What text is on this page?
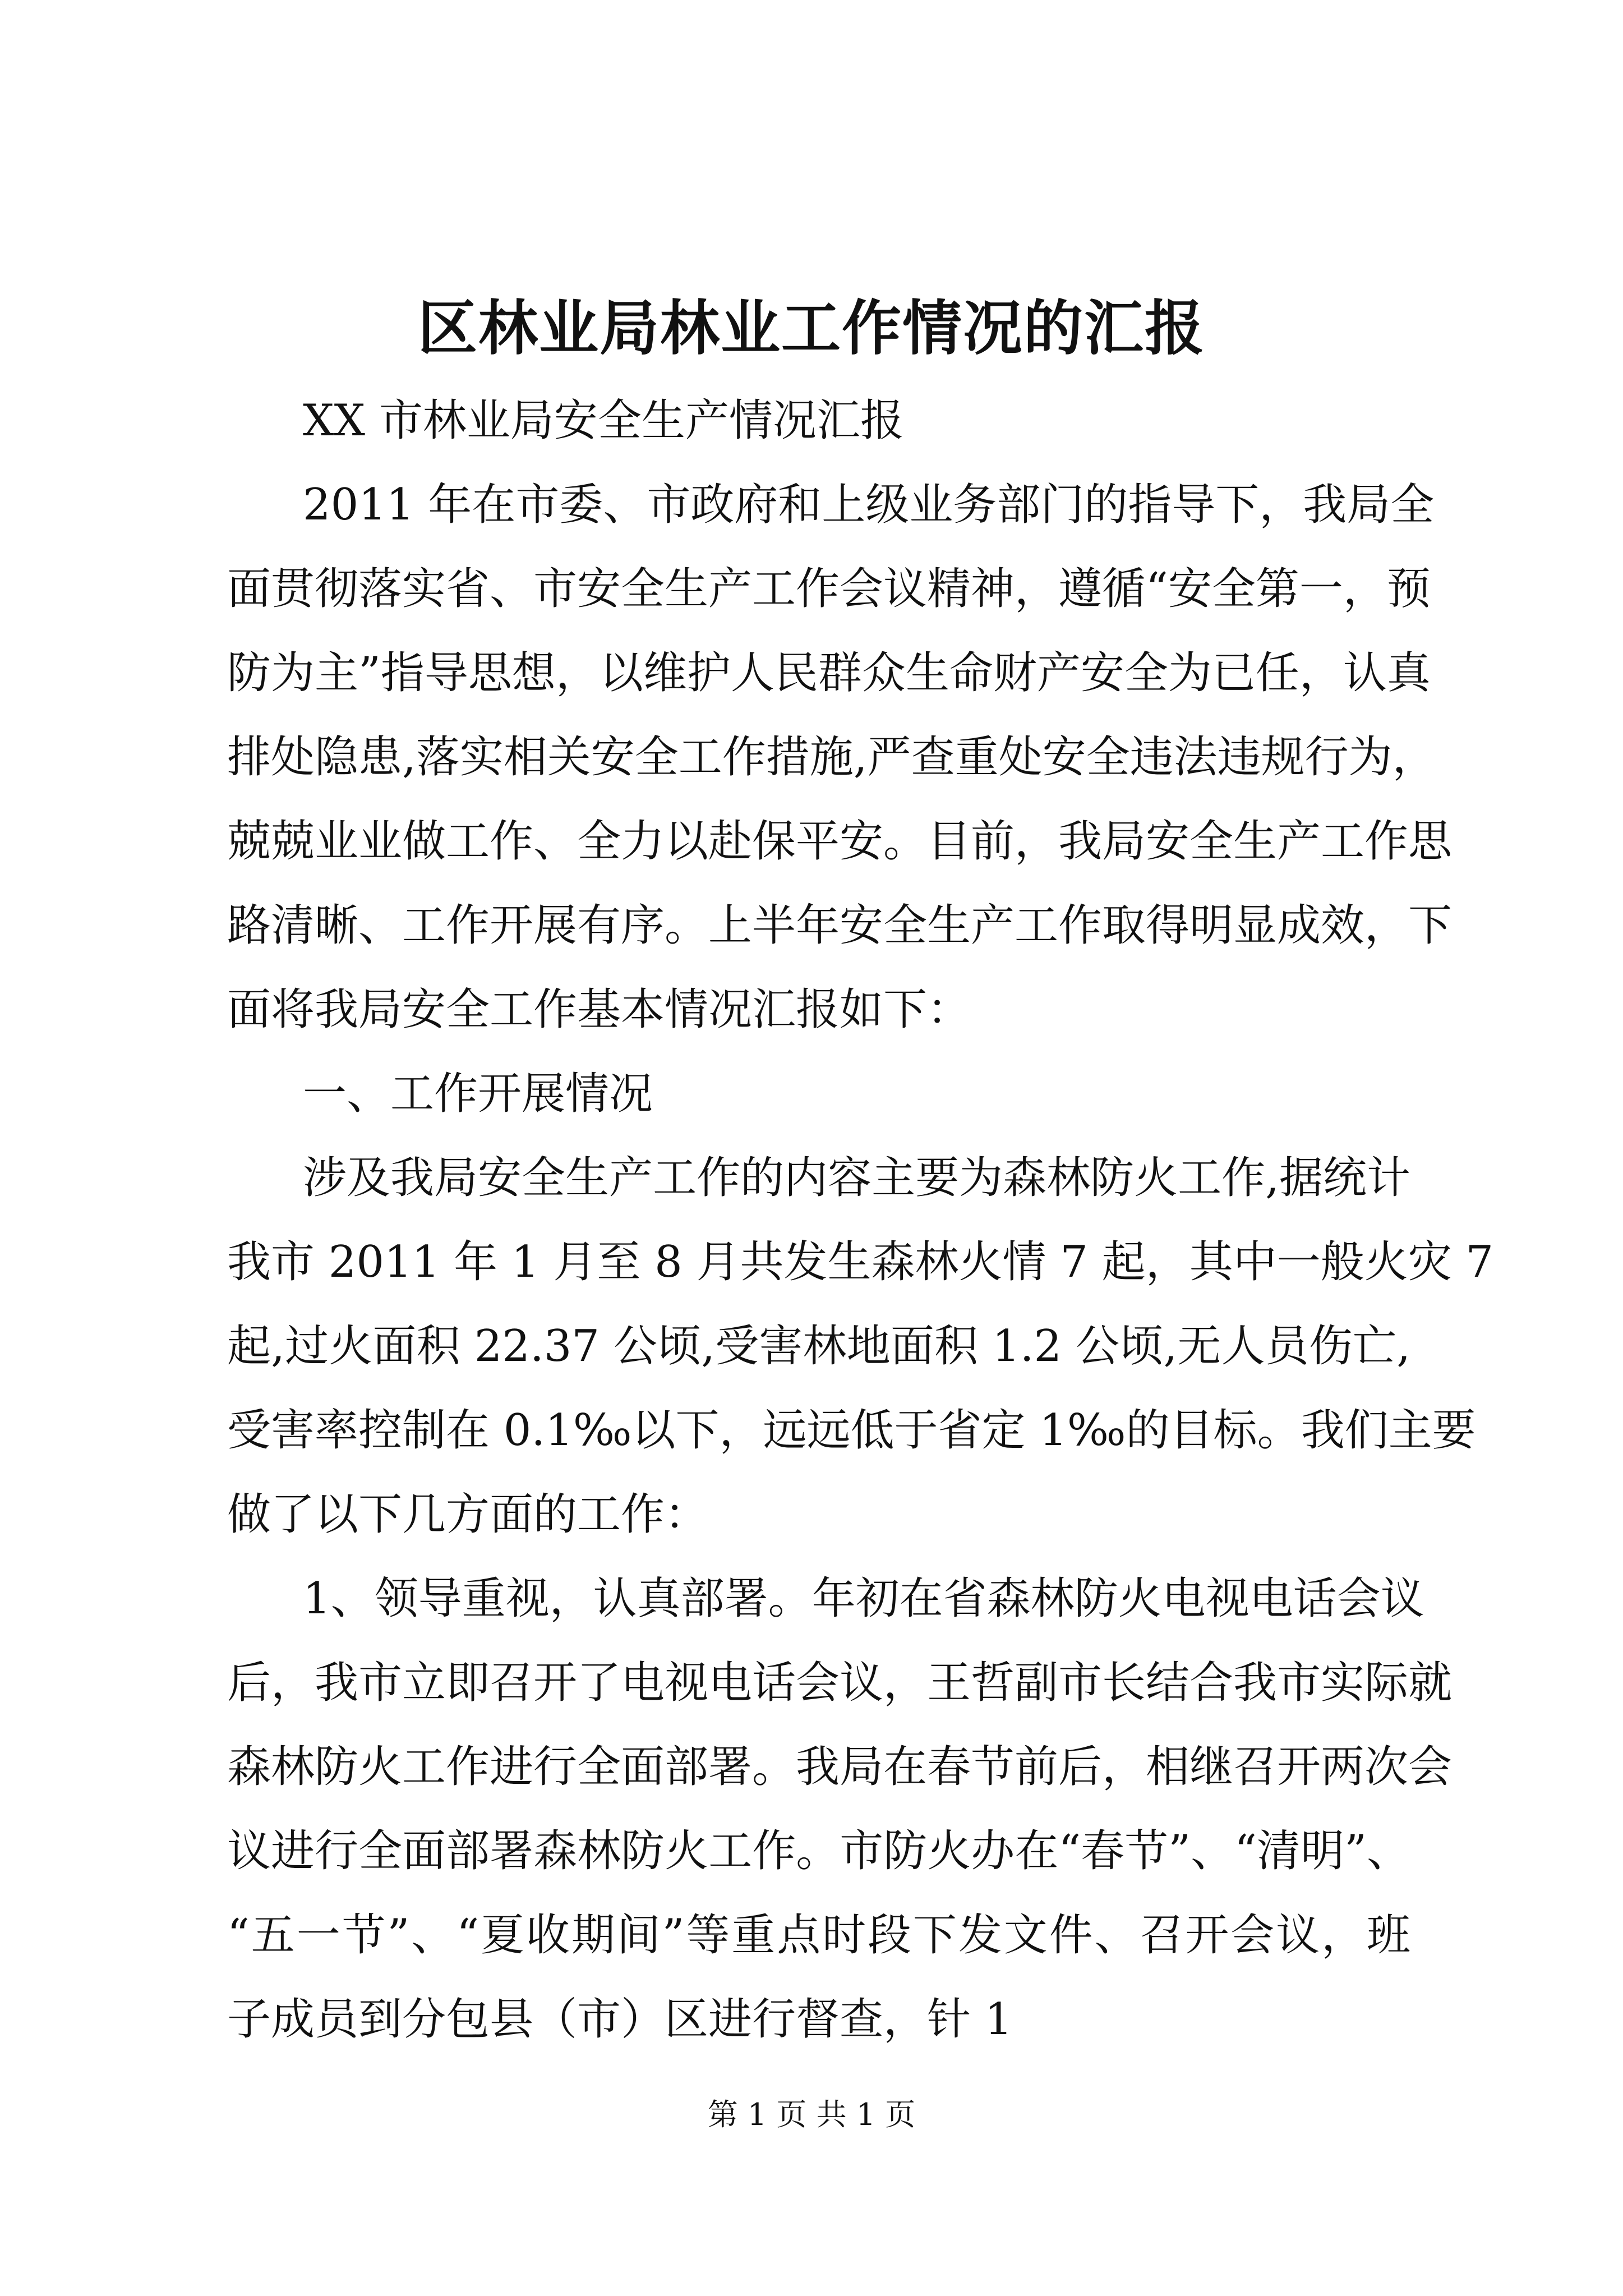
区林业局林业工作情况的汇报
XX 市林业局安全生产情况汇报
2011 年在市委、市政府和上级业务部门的指导下，我局全
面贯彻落实省、市安全生产工作会议精神，遵循“安全第一，预
防为主”指导思想，以维护人民群众生命财产安全为已任，认真
排处隐患,落实相关安全工作措施,严查重处安全违法违规行为，
兢兢业业做工作、全力以赴保平安。目前，我局安全生产工作思
路清晰、工作开展有序。上半年安全生产工作取得明显成效，下
面将我局安全工作基本情况汇报如下：
一、工作开展情况
涉及我局安全生产工作的内容主要为森林防火工作,据统计
我市 2011 年 1 月至 8 月共发生森林火情 7 起，其中一般火灾 7
起,过火面积 22.37 公顷,受害林地面积 1.2 公顷,无人员伤亡,
受害率控制在 0.1‰以下，远远低于省定 1‰的目标。我们主要
做了以下几方面的工作：
1、领导重视，认真部署。年初在省森林防火电视电话会议
后，我市立即召开了电视电话会议，王哲副市长结合我市实际就
森林防火工作进行全面部署。我局在春节前后，相继召开两次会
议进行全面部署森林防火工作。市防火办在“春节”、“清明”、
“五一节”、“夏收期间”等重点时段下发文件、召开会议，班
子成员到分包县（市）区进行督查，针 1
第 1 页 共 1 页
